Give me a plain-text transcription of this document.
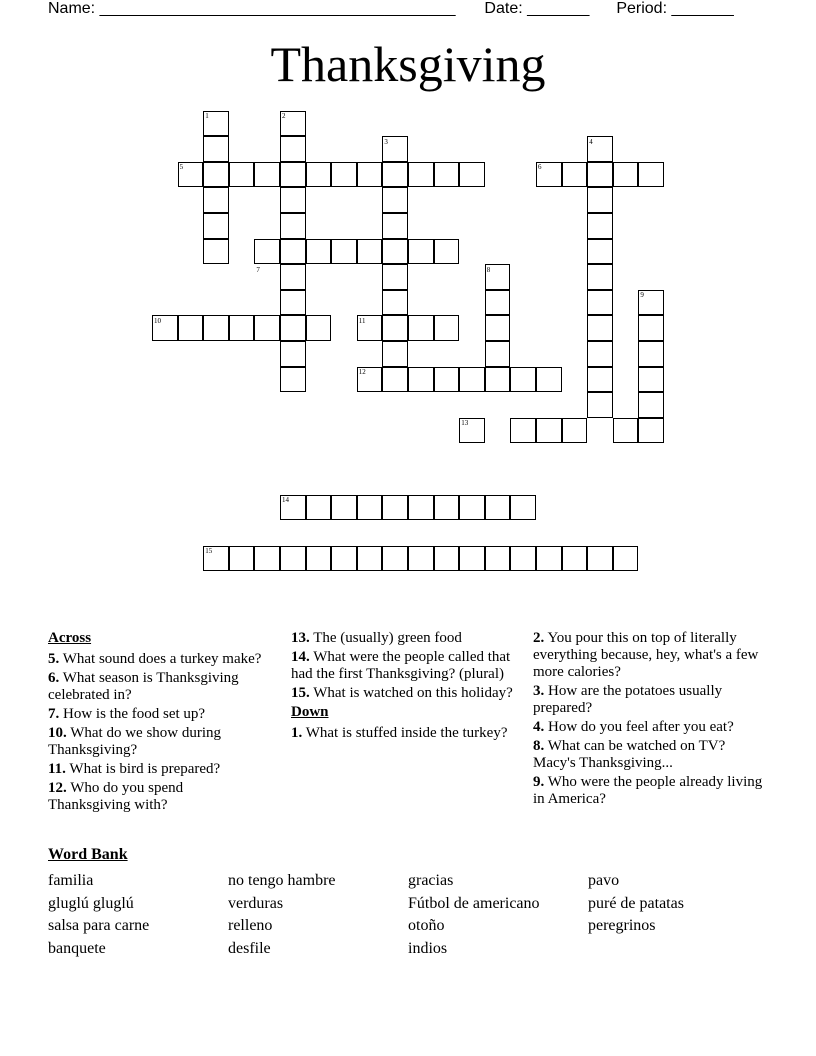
Name: ________________________________________ Date: _______ Period: _______
Thanksgiving
1	2
3	4
5	6
7	8
9
10	11
12
13
14
15
Across
5. What sound does a turkey make?
6. What season is Thanksgiving celebrated in?
7. How is the food set up?
10. What do we show during Thanksgiving?
11. What is bird is prepared?
12. Who do you spend Thanksgiving with?
13. The (usually) green food
14. What were the people called that had the first Thanksgiving? (plural)
15. What is watched on this holiday?
Down
1. What is stuffed inside the turkey?
2. You pour this on top of literally everything because, hey, what's a few more calories?
3. How are the potatoes usually prepared?
4. How do you feel after you eat?
8. What can be watched on TV? Macy's Thanksgiving...
9. Who were the people already living in America?
Word Bank
familia
gluglú gluglú
salsa para carne
banquete
no tengo hambre
verduras
relleno
desfile
gracias
Fútbol de americano
otoño
indios
pavo
puré de patatas
peregrinos
